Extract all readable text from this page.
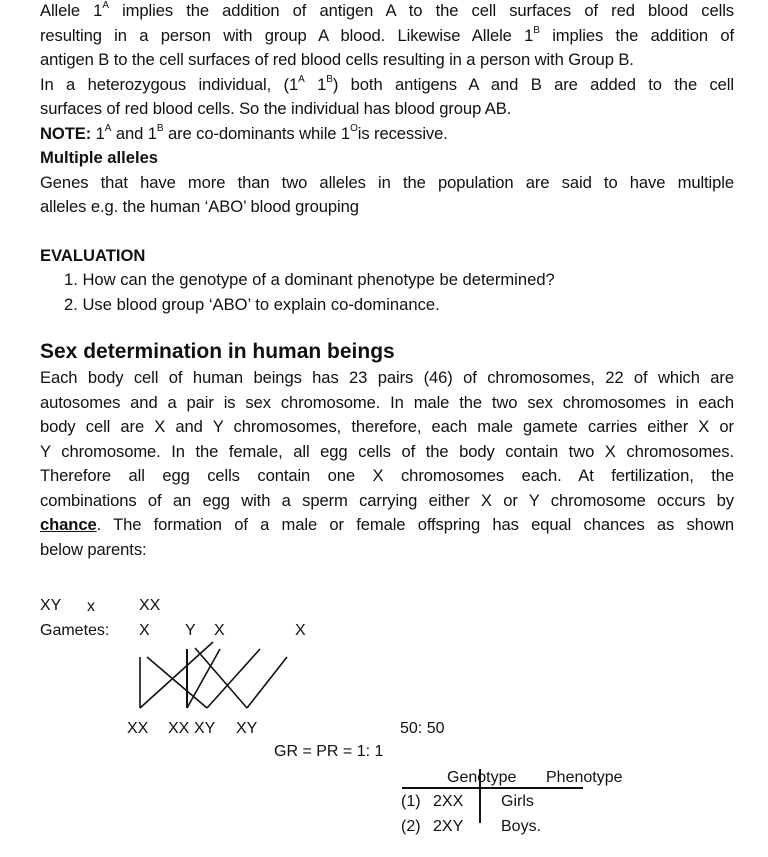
Allele $1^A$ implies the addition of antigen A to the cell surfaces of red blood cells
resulting in a person with group A blood. Likewise Allele $1^B$ implies the addition of
antigen B to the cell surfaces of red blood cells resulting in a person with Group B.
In a heterozygous individual, ($1^A$ $1^B$) both antigens A and B are added to the cell
surfaces of red blood cells. So the individual has blood group AB.

NOTE: $1^A$ and $1^B$ are co-dominants while $1^Ois$ recessive.

Multiple alleles

Genes that have more than two alleles in the population are said to have multiple
alleles e.g. the human ‘ABO’ blood grouping

EVALUATION
1. How can the genotype of a dominant phenotype be determined?
2. Use blood group ‘ABO’ to explain co-dominance.
Sex determination in human beings

Each body cell of human beings has 23 pairs (46) of chromosomes, 22 of which are
autosomes and a pair is sex chromosome. In male the two sex chromosomes in each
body cell are X and Y chromosomes, therefore, each male gamete carries either X or
Y chromosome. In the female, all egg cells of the body contain two X chromosomes.
Therefore all egg cells contain one X chromosomes each. At fertilization, the
combinations of an egg with a sperm carrying either X or Y chromosome occurs by
chance. The formation of a male or female offspring has equal chances as shown
below parents:

XY x	XX
Gametes: X Y X	X
XX XX XY XY	50: 50
GR = PR = 1: 1
Genotype Phenotype
(1) 2XX Girls
(2) 2XY Boys.
